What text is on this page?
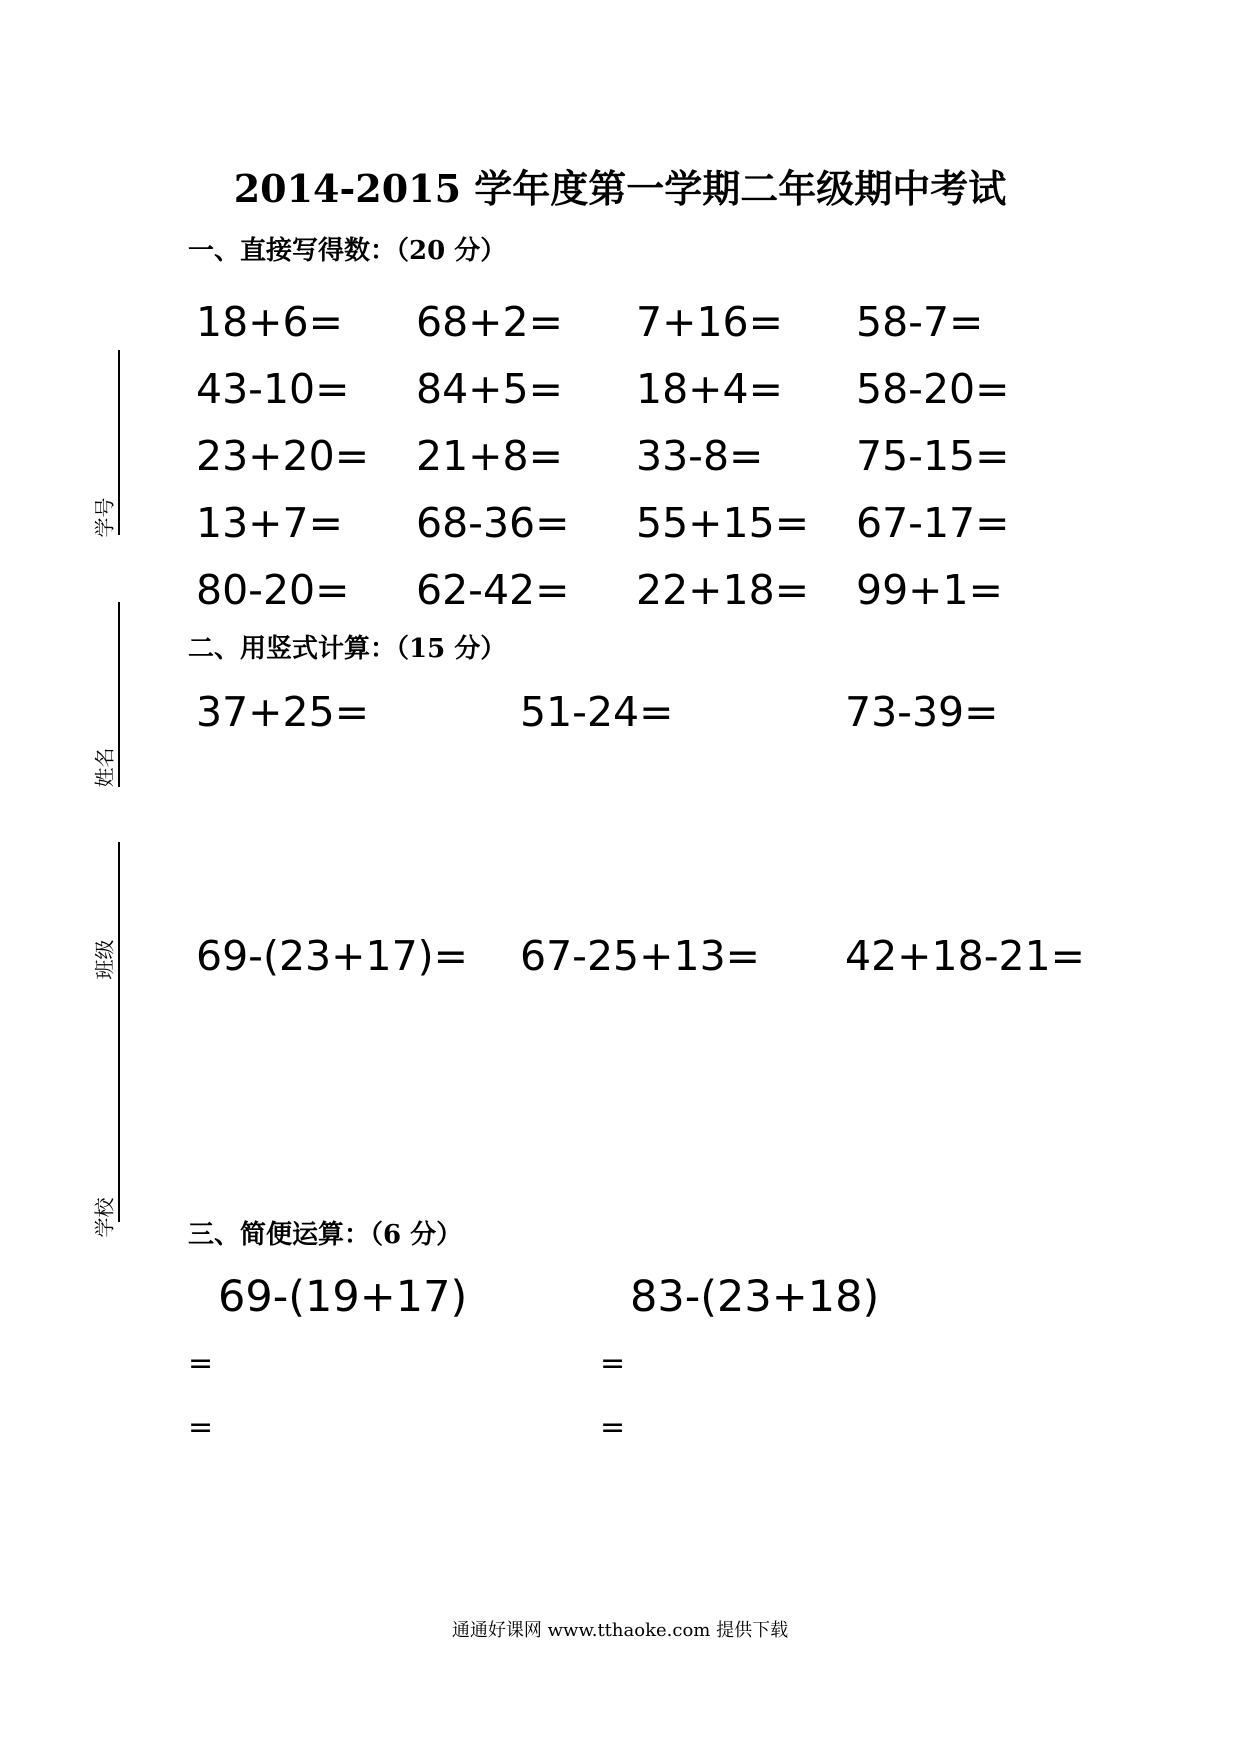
2014-2015 学年度第一学期二年级期中考试
一、直接写得数：（20 分）
18+6=	68+2=	7+16=	58-7=
43-10=	84+5=	18+4=	58-20=
23+20=	21+8=	33-8=	75-15=
13+7=	68-36=	55+15=	67-17=
80-20=	62-42=	22+18=	99+1=
二、用竖式计算：（15 分）
37+25=	51-24=	73-39=
69-(23+17)= 67-25+13= 42+18-21=
三、简便运算：（6 分）
69-(19+17)	83-(23+18)
=
=
=
=
学号
姓名
班级
学校
通通好课网 www.tthaoke.com 提供下载
